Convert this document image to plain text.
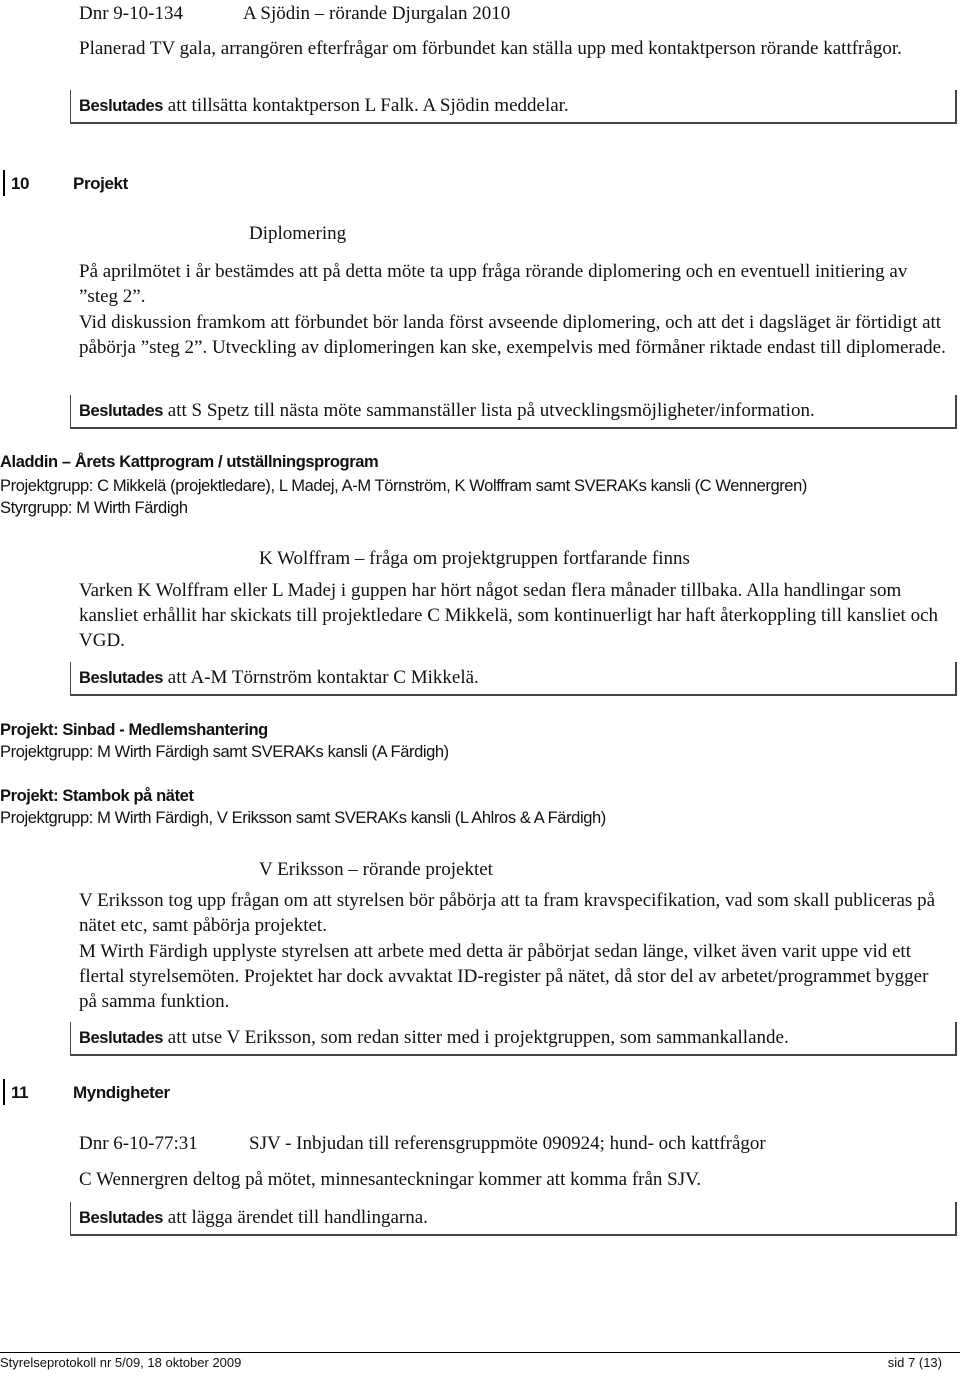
Dnr 9-10-134	A Sjödin – rörande Djurgalan 2010

Planerad TV gala, arrangören efterfrågar om förbundet kan ställa upp med kontaktperson rörande kattfrågor.

Beslutades att tillsätta kontaktperson L Falk. A Sjödin meddelar.
10	Projekt
Diplomering

På aprilmötet i år bestämdes att på detta möte ta upp fråga rörande diplomering och en eventuell initiering av ”steg 2”.

Vid diskussion framkom att förbundet bör landa först avseende diplomering, och att det i dagsläget är förtidigt att påbörja ”steg 2”. Utveckling av diplomeringen kan ske, exempelvis med förmåner riktade endast till diplomerade.

Beslutades att S Spetz till nästa möte sammanställer lista på utvecklingsmöjligheter/information.
Aladdin – Årets Kattprogram / utställningsprogram
Projektgrupp: C Mikkelä (projektledare), L Madej, A-M Törnström, K Wolffram samt SVERAKs kansli (C Wennergren)
Styrgrupp: M Wirth Färdigh
K Wolffram – fråga om projektgruppen fortfarande finns

Varken K Wolffram eller L Madej i guppen har hört något sedan flera månader tillbaka. Alla handlingar som kansliet erhållit har skickats till projektledare C Mikkelä, som kontinuerligt har haft återkoppling till kansliet och VGD.

Beslutades att A-M Törnström kontaktar C Mikkelä.
Projekt: Sinbad - Medlemshantering
Projektgrupp: M Wirth Färdigh samt SVERAKs kansli (A Färdigh)
Projekt: Stambok på nätet
Projektgrupp: M Wirth Färdigh, V Eriksson samt SVERAKs kansli (L Ahlros & A Färdigh)
V Eriksson – rörande projektet

V Eriksson tog upp frågan om att styrelsen bör påbörja att ta fram kravspecifikation, vad som skall publiceras på nätet etc, samt påbörja projektet.

M Wirth Färdigh upplyste styrelsen att arbete med detta är påbörjat sedan länge, vilket även varit uppe vid ett flertal styrelsemöten. Projektet har dock avvaktat ID-register på nätet, då stor del av arbetet/programmet bygger på samma funktion.

Beslutades att utse V Eriksson, som redan sitter med i projektgruppen, som sammankallande.
11	Myndigheter
Dnr 6-10-77:31	SJV - Inbjudan till referensgruppmöte 090924; hund- och kattfrågor

C Wennergren deltog på mötet, minnesanteckningar kommer att komma från SJV.

Beslutades att lägga ärendet till handlingarna.
Styrelseprotokoll nr 5/09, 18 oktober 2009	sid 7 (13)
